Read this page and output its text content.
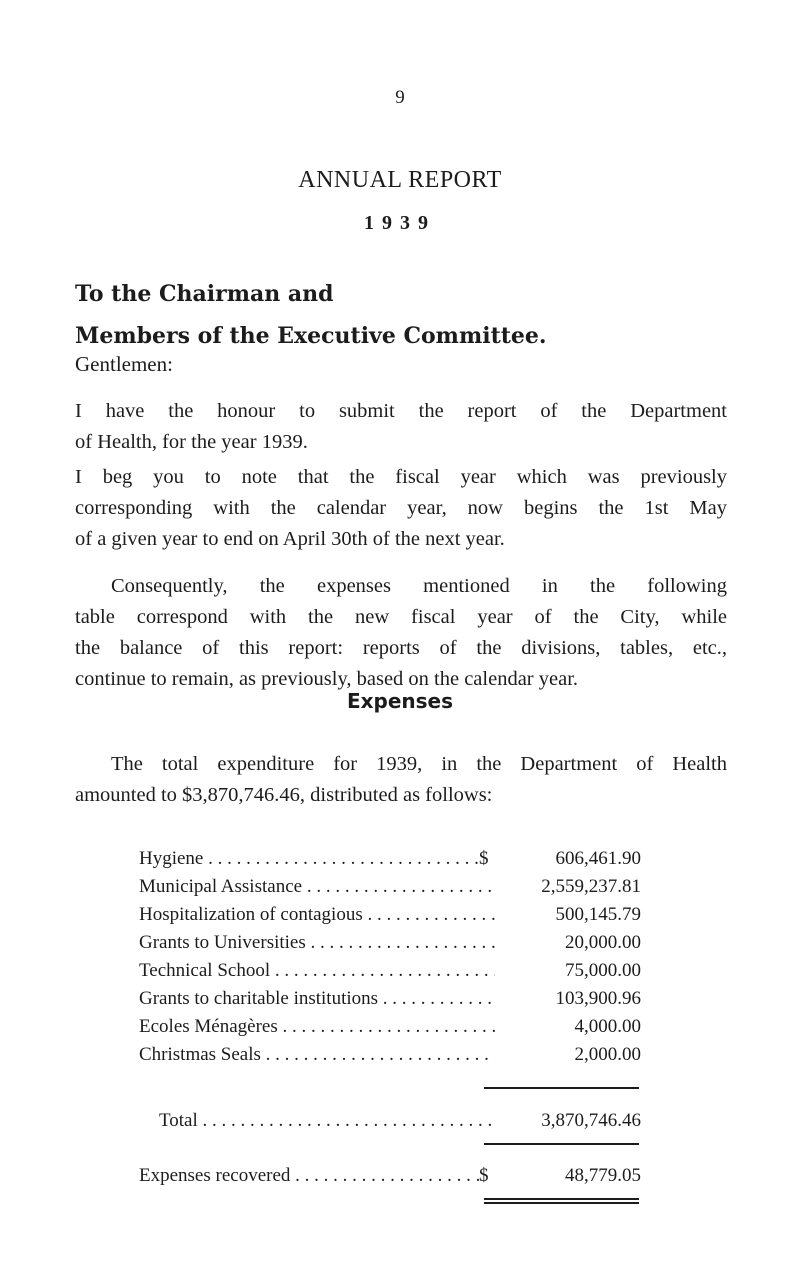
9
ANNUAL REPORT
1939
To the Chairman and
Members of the Executive Committee.
Gentlemen:

I have the honour to submit the report of the Department
of Health, for the year 1939.

I beg you to note that the fiscal year which was previously
corresponding with the calendar year, now begins the 1st May
of a given year to end on April 30th of the next year.

Consequently, the expenses mentioned in the following
table correspond with the new fiscal year of the City, while
the balance of this report: reports of the divisions, tables, etc.,
continue to remain, as previously, based on the calendar year.

Expenses

The total expenditure for 1939, in the Department of Health
amounted to $3,870,746.46, distributed as follows:

Hygiene . . .	$	606,461.90
Municipal Assistance . . .	2,559,237.81
Hospitalization of contagious . . .	500,145.79
Grants to Universities . . .	20,000.00
Technical School . . .	75,000.00
Grants to charitable institutions . . .	103,900.96
Ecoles Ménagères . . .	4,000.00
Christmas Seals . . .	2,000.00
Total . . .	3,870,746.46
Expenses recovered . . .	$	48,779.05
